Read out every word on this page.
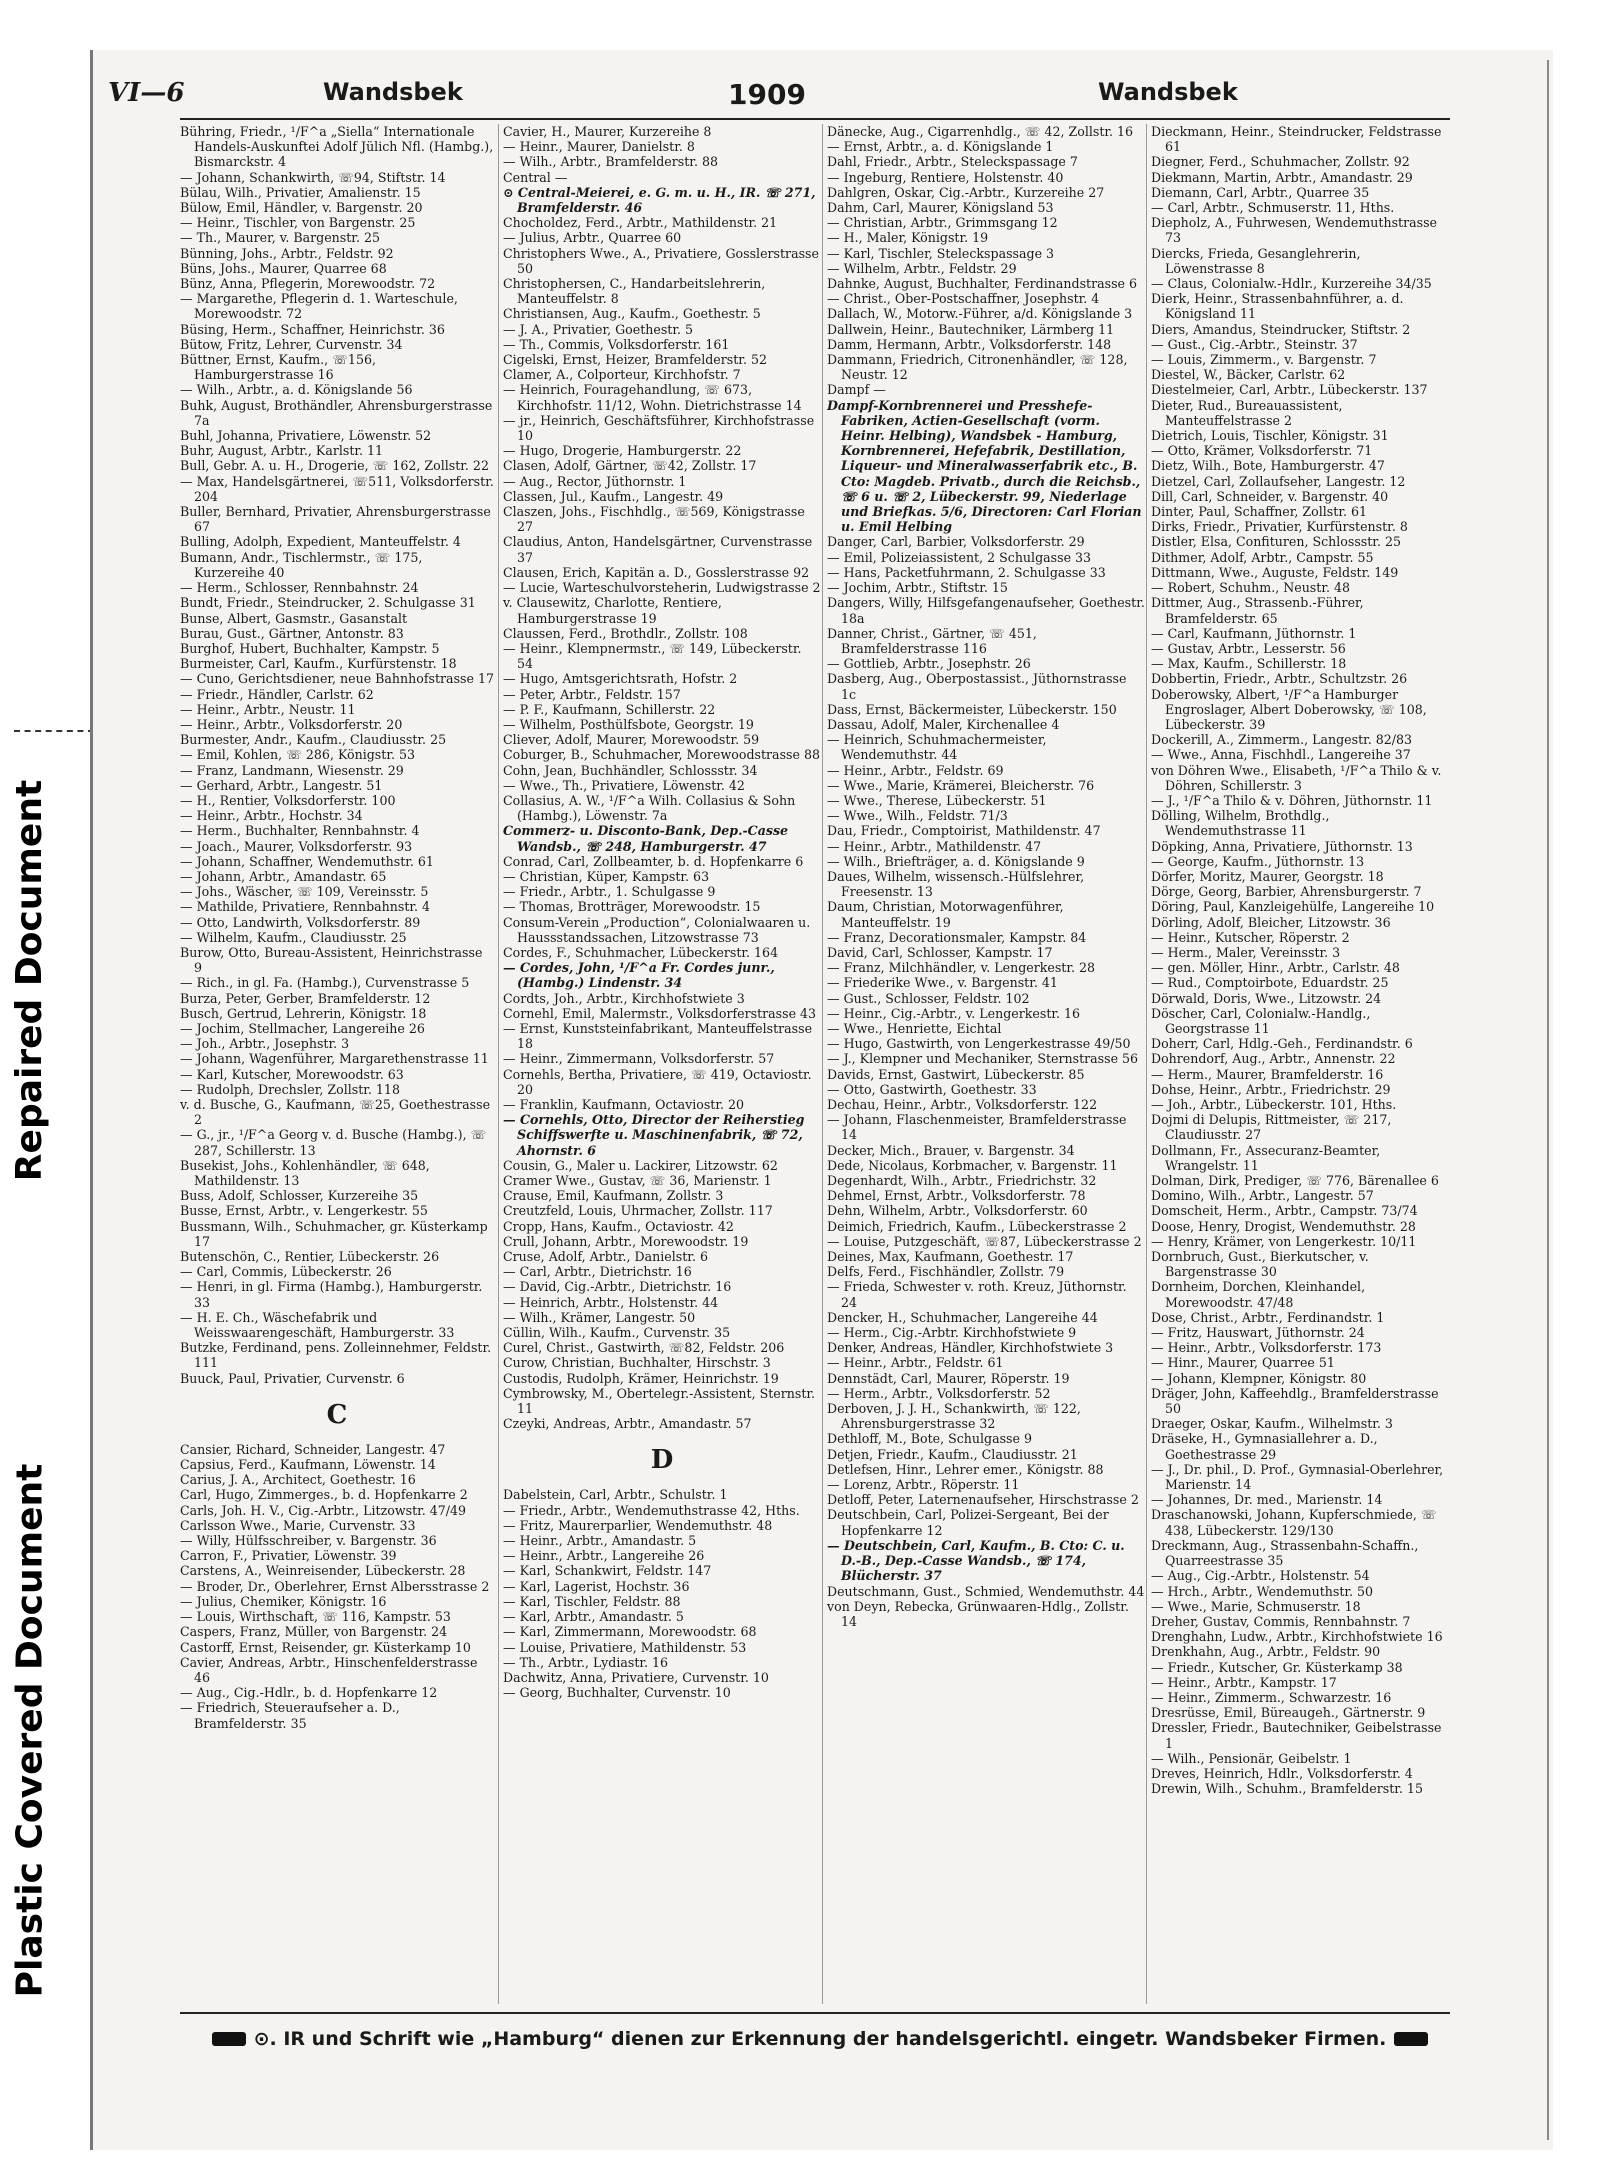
Repaired Document
Plastic Covered Document
VI—6	Wandsbek	1909	Wandsbek

Bühring, Friedr., ¹/F^a „Siella“ Internationale Handels-Auskunftei Adolf Jülich Nfl. (Hambg.), Bismarckstr. 4

— Johann, Schankwirth, ☏94, Stiftstr. 14

Bülau, Wilh., Privatier, Amalienstr. 15

Bülow, Emil, Händler, v. Bargenstr. 20

— Heinr., Tischler, von Bargenstr. 25

— Th., Maurer, v. Bargenstr. 25

Bünning, Johs., Arbtr., Feldstr. 92

Büns, Johs., Maurer, Quarree 68

Bünz, Anna, Pflegerin, Morewoodstr. 72

— Margarethe, Pflegerin d. 1. Warteschule, Morewoodstr. 72

Büsing, Herm., Schaffner, Heinrichstr. 36

Bütow, Fritz, Lehrer, Curvenstr. 34

Büttner, Ernst, Kaufm., ☏156, Hamburgerstrasse 16

— Wilh., Arbtr., a. d. Königslande 56

Buhk, August, Brothändler, Ahrensburgerstrasse 7a

Buhl, Johanna, Privatiere, Löwenstr. 52

Buhr, August, Arbtr., Karlstr. 11

Bull, Gebr. A. u. H., Drogerie, ☏ 162, Zollstr. 22

— Max, Handelsgärtnerei, ☏511, Volksdorferstr. 204

Buller, Bernhard, Privatier, Ahrensburgerstrasse 67

Bulling, Adolph, Expedient, Manteuffelstr. 4

Bumann, Andr., Tischlermstr., ☏ 175, Kurzereihe 40

— Herm., Schlosser, Rennbahnstr. 24

Bundt, Friedr., Steindrucker, 2. Schulgasse 31

Bunse, Albert, Gasmstr., Gasanstalt

Burau, Gust., Gärtner, Antonstr. 83

Burghof, Hubert, Buchhalter, Kampstr. 5

Burmeister, Carl, Kaufm., Kurfürstenstr. 18

— Cuno, Gerichtsdiener, neue Bahnhofstrasse 17

— Friedr., Händler, Carlstr. 62

— Heinr., Arbtr., Neustr. 11

— Heinr., Arbtr., Volksdorferstr. 20

Burmester, Andr., Kaufm., Claudiusstr. 25

— Emil, Kohlen, ☏ 286, Königstr. 53

— Franz, Landmann, Wiesenstr. 29

— Gerhard, Arbtr., Langestr. 51

— H., Rentier, Volksdorferstr. 100

— Heinr., Arbtr., Hochstr. 34

— Herm., Buchhalter, Rennbahnstr. 4

— Joach., Maurer, Volksdorferstr. 93

— Johann, Schaffner, Wendemuthstr. 61

— Johann, Arbtr., Amandastr. 65

— Johs., Wäscher, ☏ 109, Vereinsstr. 5

— Mathilde, Privatiere, Rennbahnstr. 4

— Otto, Landwirth, Volksdorferstr. 89

— Wilhelm, Kaufm., Claudiusstr. 25

Burow, Otto, Bureau-Assistent, Heinrichstrasse 9

— Rich., in gl. Fa. (Hambg.), Curvenstrasse 5

Burza, Peter, Gerber, Bramfelderstr. 12

Busch, Gertrud, Lehrerin, Königstr. 18

— Jochim, Stellmacher, Langereihe 26

— Joh., Arbtr., Josephstr. 3

— Johann, Wagenführer, Margarethenstrasse 11

— Karl, Kutscher, Morewoodstr. 63

— Rudolph, Drechsler, Zollstr. 118

v. d. Busche, G., Kaufmann, ☏25, Goethestrasse 2

— G., jr., ¹/F^a Georg v. d. Busche (Hambg.), ☏ 287, Schillerstr. 13

Busekist, Johs., Kohlenhändler, ☏ 648, Mathildenstr. 13

Buss, Adolf, Schlosser, Kurzereihe 35

Busse, Ernst, Arbtr., v. Lengerkestr. 55

Bussmann, Wilh., Schuhmacher, gr. Küsterkamp 17

Butenschön, C., Rentier, Lübeckerstr. 26

— Carl, Commis, Lübeckerstr. 26

— Henri, in gl. Firma (Hambg.), Hamburgerstr. 33

— H. E. Ch., Wäschefabrik und Weisswaarengeschäft, Hamburgerstr. 33

Butzke, Ferdinand, pens. Zolleinnehmer, Feldstr. 111

Buuck, Paul, Privatier, Curvenstr. 6

C

Cansier, Richard, Schneider, Langestr. 47

Capsius, Ferd., Kaufmann, Löwenstr. 14

Carius, J. A., Architect, Goethestr. 16

Carl, Hugo, Zimmerges., b. d. Hopfenkarre 2

Carls, Joh. H. V., Cig.-Arbtr., Litzowstr. 47/49

Carlsson Wwe., Marie, Curvenstr. 33

— Willy, Hülfsschreiber, v. Bargenstr. 36

Carron, F., Privatier, Löwenstr. 39

Carstens, A., Weinreisender, Lübeckerstr. 28

— Broder, Dr., Oberlehrer, Ernst Albersstrasse 2

— Julius, Chemiker, Königstr. 16

— Louis, Wirthschaft, ☏ 116, Kampstr. 53

Caspers, Franz, Müller, von Bargenstr. 24

Castorff, Ernst, Reisender, gr. Küsterkamp 10

Cavier, Andreas, Arbtr., Hinschenfelderstrasse 46

— Aug., Cig.-Hdlr., b. d. Hopfenkarre 12

— Friedrich, Steueraufseher a. D., Bramfelderstr. 35

Cavier, H., Maurer, Kurzereihe 8

— Heinr., Maurer, Danielstr. 8

— Wilh., Arbtr., Bramfelderstr. 88

Central —

⊙ Central-Meierei, e. G. m. u. H., IR. ☏ 271, Bramfelderstr. 46

Chocholdez, Ferd., Arbtr., Mathildenstr. 21

— Julius, Arbtr., Quarree 60

Christophers Wwe., A., Privatiere, Gosslerstrasse 50

Christophersen, C., Handarbeitslehrerin, Manteuffelstr. 8

Christiansen, Aug., Kaufm., Goethestr. 5

— J. A., Privatier, Goethestr. 5

— Th., Commis, Volksdorferstr. 161

Cigelski, Ernst, Heizer, Bramfelderstr. 52

Clamer, A., Colporteur, Kirchhofstr. 7

— Heinrich, Fouragehandlung, ☏ 673, Kirchhofstr. 11/12, Wohn. Dietrichstrasse 14

— jr., Heinrich, Geschäftsführer, Kirchhofstrasse 10

— Hugo, Drogerie, Hamburgerstr. 22

Clasen, Adolf, Gärtner, ☏42, Zollstr. 17

— Aug., Rector, Jüthornstr. 1

Classen, Jul., Kaufm., Langestr. 49

Claszen, Johs., Fischhdlg., ☏569, Königstrasse 27

Claudius, Anton, Handelsgärtner, Curvenstrasse 37

Clausen, Erich, Kapitän a. D., Gosslerstrasse 92

— Lucie, Warteschulvorsteherin, Ludwigstrasse 2

v. Clausewitz, Charlotte, Rentiere, Hamburgerstrasse 19

Claussen, Ferd., Brothdlr., Zollstr. 108

— Heinr., Klempnermstr., ☏ 149, Lübeckerstr. 54

— Hugo, Amtsgerichtsrath, Hofstr. 2

— Peter, Arbtr., Feldstr. 157

— P. F., Kaufmann, Schillerstr. 22

— Wilhelm, Posthülfsbote, Georgstr. 19

Cliever, Adolf, Maurer, Morewoodstr. 59

Coburger, B., Schuhmacher, Morewoodstrasse 88

Cohn, Jean, Buchhändler, Schlossstr. 34

— Wwe., Th., Privatiere, Löwenstr. 42

Collasius, A. W., ¹/F^a Wilh. Collasius & Sohn (Hambg.), Löwenstr. 7a

Commerz- u. Disconto-Bank, Dep.-Casse Wandsb., ☏ 248, Hamburgerstr. 47

Conrad, Carl, Zollbeamter, b. d. Hopfenkarre 6

— Christian, Küper, Kampstr. 63

— Friedr., Arbtr., 1. Schulgasse 9

— Thomas, Brotträger, Morewoodstr. 15

Consum-Verein „Production“, Colonialwaaren u. Haussstandssachen, Litzowstrasse 73

Cordes, F., Schuhmacher, Lübeckerstr. 164

— Cordes, John, ¹/F^a Fr. Cordes junr., (Hambg.) Lindenstr. 34

Cordts, Joh., Arbtr., Kirchhofstwiete 3

Cornehl, Emil, Malermstr., Volksdorferstrasse 43

— Ernst, Kunststeinfabrikant, Manteuffelstrasse 18

— Heinr., Zimmermann, Volksdorferstr. 57

Cornehls, Bertha, Privatiere, ☏ 419, Octaviostr. 20

— Franklin, Kaufmann, Octaviostr. 20

— Cornehls, Otto, Director der Reiherstieg Schiffswerfte u. Maschinenfabrik, ☏ 72, Ahornstr. 6

Cousin, G., Maler u. Lackirer, Litzowstr. 62

Cramer Wwe., Gustav, ☏ 36, Marienstr. 1

Crause, Emil, Kaufmann, Zollstr. 3

Creutzfeld, Louis, Uhrmacher, Zollstr. 117

Cropp, Hans, Kaufm., Octaviostr. 42

Crull, Johann, Arbtr., Morewoodstr. 19

Cruse, Adolf, Arbtr., Danielstr. 6

— Carl, Arbtr., Dietrichstr. 16

— David, Cig.-Arbtr., Dietrichstr. 16

— Heinrich, Arbtr., Holstenstr. 44

— Wilh., Krämer, Langestr. 50

Cüllin, Wilh., Kaufm., Curvenstr. 35

Curel, Christ., Gastwirth, ☏82, Feldstr. 206

Curow, Christian, Buchhalter, Hirschstr. 3

Custodis, Rudolph, Krämer, Heinrichstr. 19

Cymbrowsky, M., Obertelegr.-Assistent, Sternstr. 11

Czeyki, Andreas, Arbtr., Amandastr. 57

D

Dabelstein, Carl, Arbtr., Schulstr. 1

— Friedr., Arbtr., Wendemuthstrasse 42, Hths.

— Fritz, Maurerparlier, Wendemuthstr. 48

— Heinr., Arbtr., Amandastr. 5

— Heinr., Arbtr., Langereihe 26

— Karl, Schankwirt, Feldstr. 147

— Karl, Lagerist, Hochstr. 36

— Karl, Tischler, Feldstr. 88

— Karl, Arbtr., Amandastr. 5

— Karl, Zimmermann, Morewoodstr. 68

— Louise, Privatiere, Mathildenstr. 53

— Th., Arbtr., Lydiastr. 16

Dachwitz, Anna, Privatiere, Curvenstr. 10

— Georg, Buchhalter, Curvenstr. 10

Dänecke, Aug., Cigarrenhdlg., ☏ 42, Zollstr. 16

— Ernst, Arbtr., a. d. Königslande 1

Dahl, Friedr., Arbtr., Steleckspassage 7

— Ingeburg, Rentiere, Holstenstr. 40

Dahlgren, Oskar, Cig.-Arbtr., Kurzereihe 27

Dahm, Carl, Maurer, Königsland 53

— Christian, Arbtr., Grimmsgang 12

— H., Maler, Königstr. 19

— Karl, Tischler, Steleckspassage 3

— Wilhelm, Arbtr., Feldstr. 29

Dahnke, August, Buchhalter, Ferdinandstrasse 6

— Christ., Ober-Postschaffner, Josephstr. 4

Dallach, W., Motorw.-Führer, a/d. Königslande 3

Dallwein, Heinr., Bautechniker, Lärmberg 11

Damm, Hermann, Arbtr., Volksdorferstr. 148

Dammann, Friedrich, Citronenhändler, ☏ 128, Neustr. 12

Dampf —

Dampf-Kornbrennerei und Presshefe-Fabriken, Actien-Gesellschaft (vorm. Heinr. Helbing), Wandsbek - Hamburg, Kornbrennerei, Hefefabrik, Destillation, Liqueur- und Mineralwasserfabrik etc., B. Cto: Magdeb. Privatb., durch die Reichsb., ☏ 6 u. ☏ 2, Lübeckerstr. 99, Niederlage und Briefkas. 5/6, Directoren: Carl Florian u. Emil Helbing

Danger, Carl, Barbier, Volksdorferstr. 29

— Emil, Polizeiassistent, 2 Schulgasse 33

— Hans, Packetfuhrmann, 2. Schulgasse 33

— Jochim, Arbtr., Stiftstr. 15

Dangers, Willy, Hilfsgefangenaufseher, Goethestr. 18a

Danner, Christ., Gärtner, ☏ 451, Bramfelderstrasse 116

— Gottlieb, Arbtr., Josephstr. 26

Dasberg, Aug., Oberpostassist., Jüthornstrasse 1c

Dass, Ernst, Bäckermeister, Lübeckerstr. 150

Dassau, Adolf, Maler, Kirchenallee 4

— Heinrich, Schuhmachermeister, Wendemuthstr. 44

— Heinr., Arbtr., Feldstr. 69

— Wwe., Marie, Krämerei, Bleicherstr. 76

— Wwe., Therese, Lübeckerstr. 51

— Wwe., Wilh., Feldstr. 71/3

Dau, Friedr., Comptoirist, Mathildenstr. 47

— Heinr., Arbtr., Mathildenstr. 47

— Wilh., Briefträger, a. d. Königslande 9

Daues, Wilhelm, wissensch.-Hülfslehrer, Freesenstr. 13

Daum, Christian, Motorwagenführer, Manteuffelstr. 19

— Franz, Decorationsmaler, Kampstr. 84

David, Carl, Schlosser, Kampstr. 17

— Franz, Milchhändler, v. Lengerkestr. 28

— Friederike Wwe., v. Bargenstr. 41

— Gust., Schlosser, Feldstr. 102

— Heinr., Cig.-Arbtr., v. Lengerkestr. 16

— Wwe., Henriette, Eichtal

— Hugo, Gastwirth, von Lengerkestrasse 49/50

— J., Klempner und Mechaniker, Sternstrasse 56

Davids, Ernst, Gastwirt, Lübeckerstr. 85

— Otto, Gastwirth, Goethestr. 33

Dechau, Heinr., Arbtr., Volksdorferstr. 122

— Johann, Flaschenmeister, Bramfelderstrasse 14

Decker, Mich., Brauer, v. Bargenstr. 34

Dede, Nicolaus, Korbmacher, v. Bargenstr. 11

Degenhardt, Wilh., Arbtr., Friedrichstr. 32

Dehmel, Ernst, Arbtr., Volksdorferstr. 78

Dehn, Wilhelm, Arbtr., Volksdorferstr. 60

Deimich, Friedrich, Kaufm., Lübeckerstrasse 2

— Louise, Putzgeschäft, ☏87, Lübeckerstrasse 2

Deines, Max, Kaufmann, Goethestr. 17

Delfs, Ferd., Fischhändler, Zollstr. 79

— Frieda, Schwester v. roth. Kreuz, Jüthornstr. 24

Dencker, H., Schuhmacher, Langereihe 44

— Herm., Cig.-Arbtr. Kirchhofstwiete 9

Denker, Andreas, Händler, Kirchhofstwiete 3

— Heinr., Arbtr., Feldstr. 61

Dennstädt, Carl, Maurer, Röperstr. 19

— Herm., Arbtr., Volksdorferstr. 52

Derboven, J. J. H., Schankwirth, ☏ 122, Ahrensburgerstrasse 32

Dethloff, M., Bote, Schulgasse 9

Detjen, Friedr., Kaufm., Claudiusstr. 21

Detlefsen, Hinr., Lehrer emer., Königstr. 88

— Lorenz, Arbtr., Röperstr. 11

Detloff, Peter, Laternenaufseher, Hirschstrasse 2

Deutschbein, Carl, Polizei-Sergeant, Bei der Hopfenkarre 12

— Deutschbein, Carl, Kaufm., B. Cto: C. u. D.-B., Dep.-Casse Wandsb., ☏ 174, Blücherstr. 37

Deutschmann, Gust., Schmied, Wendemuthstr. 44

von Deyn, Rebecka, Grünwaaren-Hdlg., Zollstr. 14

Dieckmann, Heinr., Steindrucker, Feldstrasse 61

Diegner, Ferd., Schuhmacher, Zollstr. 92

Diekmann, Martin, Arbtr., Amandastr. 29

Diemann, Carl, Arbtr., Quarree 35

— Carl, Arbtr., Schmuserstr. 11, Hths.

Diepholz, A., Fuhrwesen, Wendemuthstrasse 73

Diercks, Frieda, Gesanglehrerin, Löwenstrasse 8

— Claus, Colonialw.-Hdlr., Kurzereihe 34/35

Dierk, Heinr., Strassenbahnführer, a. d. Königsland 11

Diers, Amandus, Steindrucker, Stiftstr. 2

— Gust., Cig.-Arbtr., Steinstr. 37

— Louis, Zimmerm., v. Bargenstr. 7

Diestel, W., Bäcker, Carlstr. 62

Diestelmeier, Carl, Arbtr., Lübeckerstr. 137

Dieter, Rud., Bureauassistent, Manteuffelstrasse 2

Dietrich, Louis, Tischler, Königstr. 31

— Otto, Krämer, Volksdorferstr. 71

Dietz, Wilh., Bote, Hamburgerstr. 47

Dietzel, Carl, Zollaufseher, Langestr. 12

Dill, Carl, Schneider, v. Bargenstr. 40

Dinter, Paul, Schaffner, Zollstr. 61

Dirks, Friedr., Privatier, Kurfürstenstr. 8

Distler, Elsa, Confituren, Schlossstr. 25

Dithmer, Adolf, Arbtr., Campstr. 55

Dittmann, Wwe., Auguste, Feldstr. 149

— Robert, Schuhm., Neustr. 48

Dittmer, Aug., Strassenb.-Führer, Bramfelderstr. 65

— Carl, Kaufmann, Jüthornstr. 1

— Gustav, Arbtr., Lesserstr. 56

— Max, Kaufm., Schillerstr. 18

Dobbertin, Friedr., Arbtr., Schultzstr. 26

Doberowsky, Albert, ¹/F^a Hamburger Engroslager, Albert Doberowsky, ☏ 108, Lübeckerstr. 39

Dockerill, A., Zimmerm., Langestr. 82/83

— Wwe., Anna, Fischhdl., Langereihe 37

von Döhren Wwe., Elisabeth, ¹/F^a Thilo & v. Döhren, Schillerstr. 3

— J., ¹/F^a Thilo & v. Döhren, Jüthornstr. 11

Dölling, Wilhelm, Brothdlg., Wendemuthstrasse 11

Döpking, Anna, Privatiere, Jüthornstr. 13

— George, Kaufm., Jüthornstr. 13

Dörfer, Moritz, Maurer, Georgstr. 18

Dörge, Georg, Barbier, Ahrensburgerstr. 7

Döring, Paul, Kanzleigehülfe, Langereihe 10

Dörling, Adolf, Bleicher, Litzowstr. 36

— Heinr., Kutscher, Röperstr. 2

— Herm., Maler, Vereinsstr. 3

— gen. Möller, Hinr., Arbtr., Carlstr. 48

— Rud., Comptoirbote, Eduardstr. 25

Dörwald, Doris, Wwe., Litzowstr. 24

Döscher, Carl, Colonialw.-Handlg., Georgstrasse 11

Doherr, Carl, Hdlg.-Geh., Ferdinandstr. 6

Dohrendorf, Aug., Arbtr., Annenstr. 22

— Herm., Maurer, Bramfelderstr. 16

Dohse, Heinr., Arbtr., Friedrichstr. 29

— Joh., Arbtr., Lübeckerstr. 101, Hths.

Dojmi di Delupis, Rittmeister, ☏ 217, Claudiusstr. 27

Dollmann, Fr., Assecuranz-Beamter, Wrangelstr. 11

Dolman, Dirk, Prediger, ☏ 776, Bärenallee 6

Domino, Wilh., Arbtr., Langestr. 57

Domscheit, Herm., Arbtr., Campstr. 73/74

Doose, Henry, Drogist, Wendemuthstr. 28

— Henry, Krämer, von Lengerkestr. 10/11

Dornbruch, Gust., Bierkutscher, v. Bargenstrasse 30

Dornheim, Dorchen, Kleinhandel, Morewoodstr. 47/48

Dose, Christ., Arbtr., Ferdinandstr. 1

— Fritz, Hauswart, Jüthornstr. 24

— Heinr., Arbtr., Volksdorferstr. 173

— Hinr., Maurer, Quarree 51

— Johann, Klempner, Königstr. 80

Dräger, John, Kaffeehdlg., Bramfelderstrasse 50

Draeger, Oskar, Kaufm., Wilhelmstr. 3

Dräseke, H., Gymnasiallehrer a. D., Goethestrasse 29

— J., Dr. phil., D. Prof., Gymnasial-Oberlehrer, Marienstr. 14

— Johannes, Dr. med., Marienstr. 14

Draschanowski, Johann, Kupferschmiede, ☏ 438, Lübeckerstr. 129/130

Dreckmann, Aug., Strassenbahn-Schaffn., Quarreestrasse 35

— Aug., Cig.-Arbtr., Holstenstr. 54

— Hrch., Arbtr., Wendemuthstr. 50

— Wwe., Marie, Schmuserstr. 18

Dreher, Gustav, Commis, Rennbahnstr. 7

Drenghahn, Ludw., Arbtr., Kirchhofstwiete 16

Drenkhahn, Aug., Arbtr., Feldstr. 90

— Friedr., Kutscher, Gr. Küsterkamp 38

— Heinr., Arbtr., Kampstr. 17

— Heinr., Zimmerm., Schwarzestr. 16

Dresrüsse, Emil, Büreaugeh., Gärtnerstr. 9

Dressler, Friedr., Bautechniker, Geibelstrasse 1

— Wilh., Pensionär, Geibelstr. 1

Dreves, Heinrich, Hdlr., Volksdorferstr. 4

Drewin, Wilh., Schuhm., Bramfelderstr. 15

⊙. IR und Schrift wie „Hamburg“ dienen zur Erkennung der handelsgerichtl. eingetr. Wandsbeker Firmen.
